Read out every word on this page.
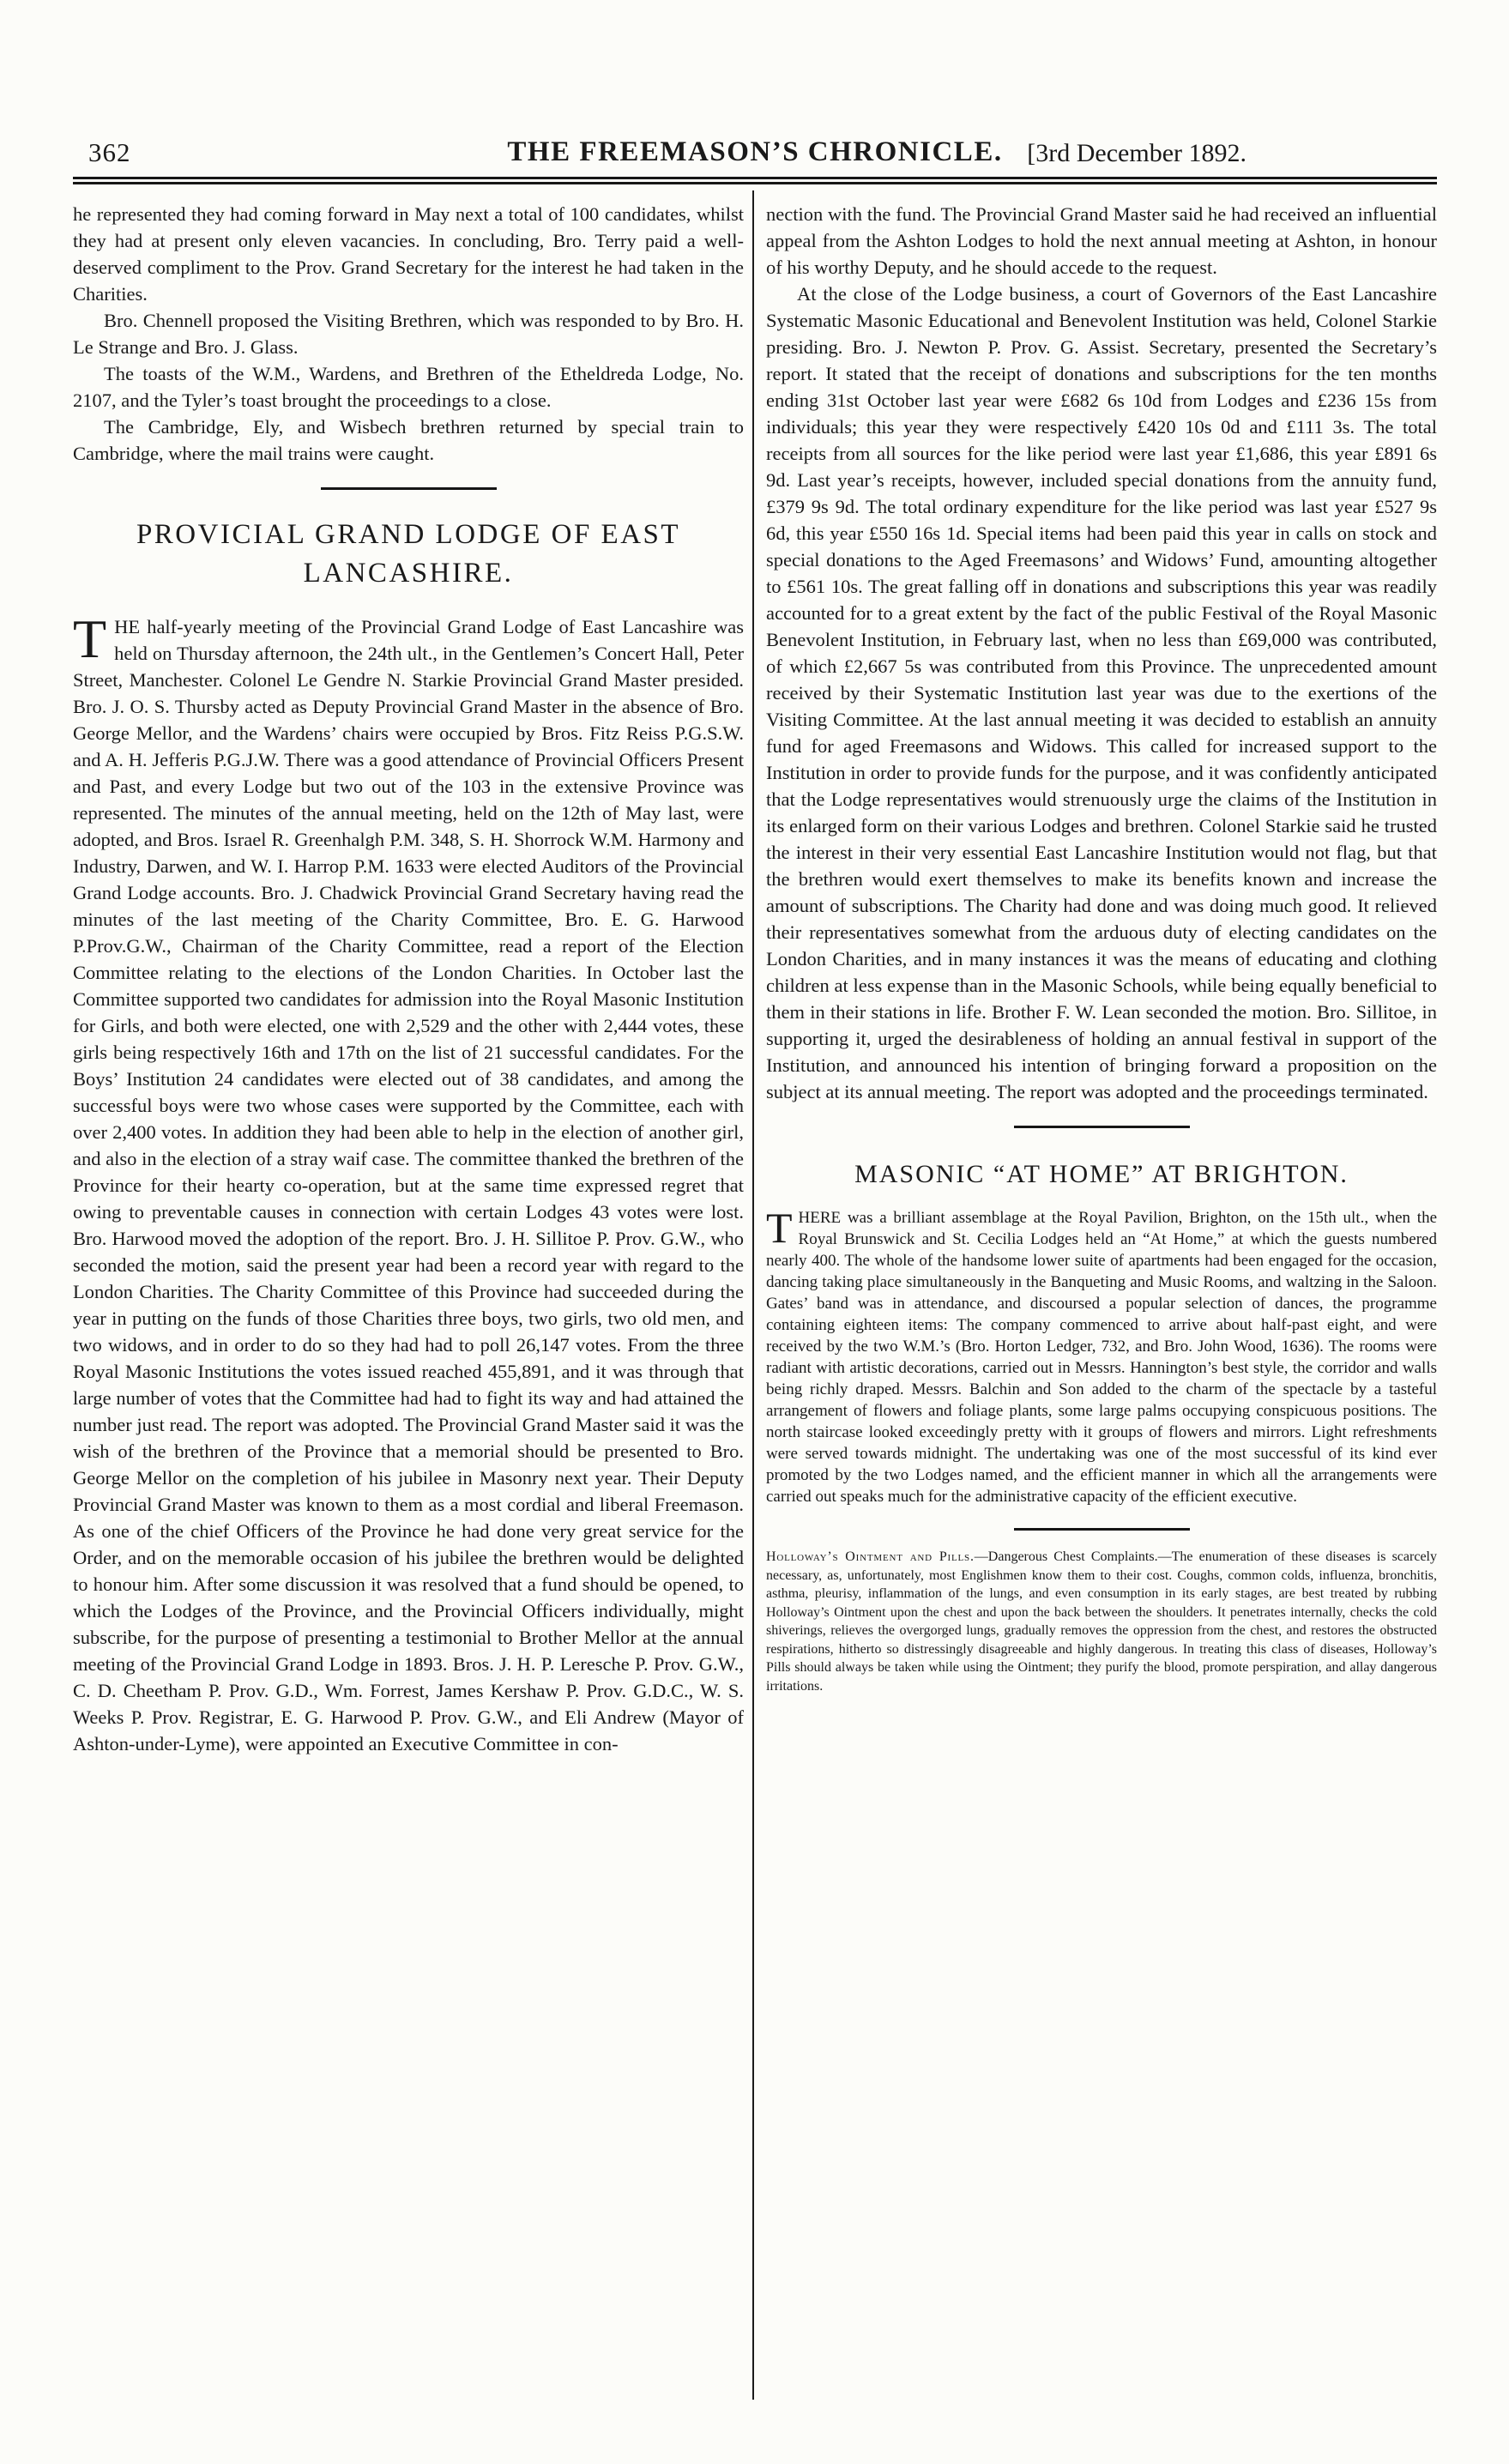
362	THE FREEMASON’S CHRONICLE. [3rd December 1892.

he represented they had coming forward in May next a total of 100 candidates, whilst they had at present only eleven vacancies. In concluding, Bro. Terry paid a well-deserved compliment to the Prov. Grand Secretary for the interest he had taken in the Charities.

Bro. Chennell proposed the Visiting Brethren, which was responded to by Bro. H. Le Strange and Bro. J. Glass.

The toasts of the W.M., Wardens, and Brethren of the Etheldreda Lodge, No. 2107, and the Tyler’s toast brought the proceedings to a close.

The Cambridge, Ely, and Wisbech brethren returned by special train to Cambridge, where the mail trains were caught.

PROVICIAL GRAND LODGE OF EAST LANCASHIRE.

THE half-yearly meeting of the Provincial Grand Lodge of East Lancashire was held on Thursday afternoon, the 24th ult., in the Gentlemen’s Concert Hall, Peter Street, Manchester. Colonel Le Gendre N. Starkie Provincial Grand Master presided. Bro. J. O. S. Thursby acted as Deputy Provincial Grand Master in the absence of Bro. George Mellor, and the Wardens’ chairs were occupied by Bros. Fitz Reiss P.G.S.W. and A. H. Jefferis P.G.J.W. There was a good attendance of Provincial Officers Present and Past, and every Lodge but two out of the 103 in the extensive Province was represented. The minutes of the annual meeting, held on the 12th of May last, were adopted, and Bros. Israel R. Greenhalgh P.M. 348, S. H. Shorrock W.M. Harmony and Industry, Darwen, and W. I. Harrop P.M. 1633 were elected Auditors of the Provincial Grand Lodge accounts. Bro. J. Chadwick Provincial Grand Secretary having read the minutes of the last meeting of the Charity Committee, Bro. E. G. Harwood P.Prov.G.W., Chairman of the Charity Committee, read a report of the Election Committee relating to the elections of the London Charities. In October last the Committee supported two candidates for admission into the Royal Masonic Institution for Girls, and both were elected, one with 2,529 and the other with 2,444 votes, these girls being respectively 16th and 17th on the list of 21 successful candidates. For the Boys’ Institution 24 candidates were elected out of 38 candidates, and among the successful boys were two whose cases were supported by the Committee, each with over 2,400 votes. In addition they had been able to help in the election of another girl, and also in the election of a stray waif case. The committee thanked the brethren of the Province for their hearty co-operation, but at the same time expressed regret that owing to preventable causes in connection with certain Lodges 43 votes were lost. Bro. Harwood moved the adoption of the report. Bro. J. H. Sillitoe P. Prov. G.W., who seconded the motion, said the present year had been a record year with regard to the London Charities. The Charity Committee of this Province had succeeded during the year in putting on the funds of those Charities three boys, two girls, two old men, and two widows, and in order to do so they had had to poll 26,147 votes. From the three Royal Masonic Institutions the votes issued reached 455,891, and it was through that large number of votes that the Committee had had to fight its way and had attained the number just read. The report was adopted. The Provincial Grand Master said it was the wish of the brethren of the Province that a memorial should be presented to Bro. George Mellor on the completion of his jubilee in Masonry next year. Their Deputy Provincial Grand Master was known to them as a most cordial and liberal Freemason. As one of the chief Officers of the Province he had done very great service for the Order, and on the memorable occasion of his jubilee the brethren would be delighted to honour him. After some discussion it was resolved that a fund should be opened, to which the Lodges of the Province, and the Provincial Officers individually, might subscribe, for the purpose of presenting a testimonial to Brother Mellor at the annual meeting of the Provincial Grand Lodge in 1893. Bros. J. H. P. Leresche P. Prov. G.W., C. D. Cheetham P. Prov. G.D., Wm. Forrest, James Kershaw P. Prov. G.D.C., W. S. Weeks P. Prov. Registrar, E. G. Harwood P. Prov. G.W., and Eli Andrew (Mayor of Ashton-under-Lyme), were appointed an Executive Committee in con-

nection with the fund. The Provincial Grand Master said he had received an influential appeal from the Ashton Lodges to hold the next annual meeting at Ashton, in honour of his worthy Deputy, and he should accede to the request.

At the close of the Lodge business, a court of Governors of the East Lancashire Systematic Masonic Educational and Benevolent Institution was held, Colonel Starkie presiding. Bro. J. Newton P. Prov. G. Assist. Secretary, presented the Secretary’s report. It stated that the receipt of donations and subscriptions for the ten months ending 31st October last year were £682 6s 10d from Lodges and £236 15s from individuals; this year they were respectively £420 10s 0d and £111 3s. The total receipts from all sources for the like period were last year £1,686, this year £891 6s 9d. Last year’s receipts, however, included special donations from the annuity fund, £379 9s 9d. The total ordinary expenditure for the like period was last year £527 9s 6d, this year £550 16s 1d. Special items had been paid this year in calls on stock and special donations to the Aged Freemasons’ and Widows’ Fund, amounting altogether to £561 10s. The great falling off in donations and subscriptions this year was readily accounted for to a great extent by the fact of the public Festival of the Royal Masonic Benevolent Institution, in February last, when no less than £69,000 was contributed, of which £2,667 5s was contributed from this Province. The unprecedented amount received by their Systematic Institution last year was due to the exertions of the Visiting Committee. At the last annual meeting it was decided to establish an annuity fund for aged Freemasons and Widows. This called for increased support to the Institution in order to provide funds for the purpose, and it was confidently anticipated that the Lodge representatives would strenuously urge the claims of the Institution in its enlarged form on their various Lodges and brethren. Colonel Starkie said he trusted the interest in their very essential East Lancashire Institution would not flag, but that the brethren would exert themselves to make its benefits known and increase the amount of subscriptions. The Charity had done and was doing much good. It relieved their representatives somewhat from the arduous duty of electing candidates on the London Charities, and in many instances it was the means of educating and clothing children at less expense than in the Masonic Schools, while being equally beneficial to them in their stations in life. Brother F. W. Lean seconded the motion. Bro. Sillitoe, in supporting it, urged the desirableness of holding an annual festival in support of the Institution, and announced his intention of bringing forward a proposition on the subject at its annual meeting. The report was adopted and the proceedings terminated.

MASONIC “AT HOME” AT BRIGHTON.

THERE was a brilliant assemblage at the Royal Pavilion, Brighton, on the 15th ult., when the Royal Brunswick and St. Cecilia Lodges held an “At Home,” at which the guests numbered nearly 400. The whole of the handsome lower suite of apartments had been engaged for the occasion, dancing taking place simultaneously in the Banqueting and Music Rooms, and waltzing in the Saloon. Gates’ band was in attendance, and discoursed a popular selection of dances, the programme containing eighteen items: The company commenced to arrive about half-past eight, and were received by the two W.M.’s (Bro. Horton Ledger, 732, and Bro. John Wood, 1636). The rooms were radiant with artistic decorations, carried out in Messrs. Hannington’s best style, the corridor and walls being richly draped. Messrs. Balchin and Son added to the charm of the spectacle by a tasteful arrangement of flowers and foliage plants, some large palms occupying conspicuous positions. The north staircase looked exceedingly pretty with it groups of flowers and mirrors. Light refreshments were served towards midnight. The undertaking was one of the most successful of its kind ever promoted by the two Lodges named, and the efficient manner in which all the arrangements were carried out speaks much for the administrative capacity of the efficient executive.

Holloway’s Ointment and Pills.—Dangerous Chest Complaints.—The enumeration of these diseases is scarcely necessary, as, unfortunately, most Englishmen know them to their cost. Coughs, common colds, influenza, bronchitis, asthma, pleurisy, inflammation of the lungs, and even consumption in its early stages, are best treated by rubbing Holloway’s Ointment upon the chest and upon the back between the shoulders. It penetrates internally, checks the cold shiverings, relieves the overgorged lungs, gradually removes the oppression from the chest, and restores the obstructed respirations, hitherto so distressingly disagreeable and highly dangerous. In treating this class of diseases, Holloway’s Pills should always be taken while using the Ointment; they purify the blood, promote perspiration, and allay dangerous irritations.
